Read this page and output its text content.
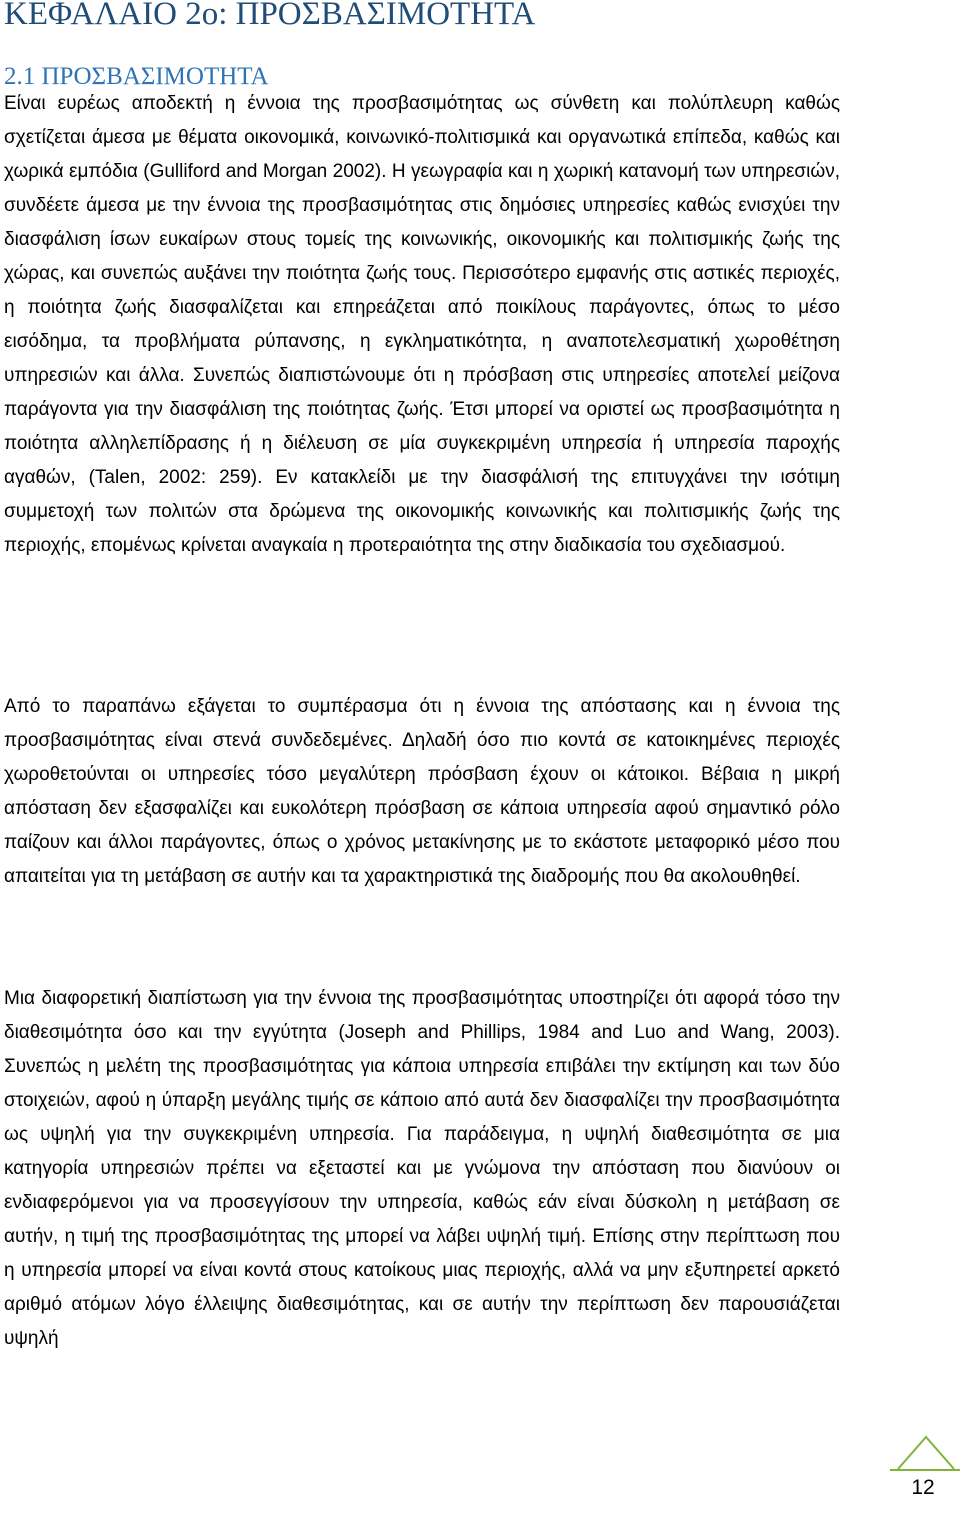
ΚΕΦΑΛΑΙΟ 2ο: ΠΡΟΣΒΑΣΙΜΟΤΗΤΑ
2.1 ΠΡΟΣΒΑΣΙΜΟΤΗΤΑ

Είναι ευρέως αποδεκτή η έννοια της προσβασιμότητας ως σύνθετη και πολύπλευρη καθώς σχετίζεται άμεσα με θέματα οικονομικά, κοινωνικό-πολιτισμικά και οργανωτικά επίπεδα, καθώς και χωρικά εμπόδια (Gulliford and Morgan 2002). Η γεωγραφία και η χωρική κατανομή των υπηρεσιών, συνδέετε άμεσα με την έννοια της προσβασιμότητας στις δημόσιες υπηρεσίες καθώς ενισχύει την διασφάλιση ίσων ευκαίρων στους τομείς της κοινωνικής, οικονομικής και πολιτισμικής ζωής της χώρας, και συνεπώς αυξάνει την ποιότητα ζωής τους. Περισσότερο εμφανής στις αστικές περιοχές, η ποιότητα ζωής διασφαλίζεται και επηρεάζεται από ποικίλους παράγοντες, όπως το μέσο εισόδημα, τα προβλήματα ρύπανσης, η εγκληματικότητα, η αναποτελεσματική χωροθέτηση υπηρεσιών και άλλα. Συνεπώς διαπιστώνουμε ότι η πρόσβαση στις υπηρεσίες αποτελεί μείζονα παράγοντα για την διασφάλιση της ποιότητας ζωής. Έτσι μπορεί να οριστεί ως προσβασιμότητα η ποιότητα αλληλεπίδρασης ή η διέλευση σε μία συγκεκριμένη υπηρεσία ή υπηρεσία παροχής αγαθών, (Talen, 2002: 259). Εν κατακλείδι με την διασφάλισή της επιτυγχάνει την ισότιμη συμμετοχή των πολιτών στα δρώμενα της οικονομικής κοινωνικής και πολιτισμικής ζωής της περιοχής, επομένως κρίνεται αναγκαία η προτεραιότητα της στην διαδικασία του σχεδιασμού.

Από το παραπάνω εξάγεται το συμπέρασμα ότι η έννοια της απόστασης και η έννοια της προσβασιμότητας είναι στενά συνδεδεμένες. Δηλαδή όσο πιο κοντά σε κατοικημένες περιοχές χωροθετούνται οι υπηρεσίες τόσο μεγαλύτερη πρόσβαση έχουν οι κάτοικοι. Βέβαια η μικρή απόσταση δεν εξασφαλίζει και ευκολότερη πρόσβαση σε κάποια υπηρεσία αφού σημαντικό ρόλο παίζουν και άλλοι παράγοντες, όπως ο χρόνος μετακίνησης με το εκάστοτε μεταφορικό μέσο που απαιτείται για τη μετάβαση σε αυτήν και τα χαρακτηριστικά της διαδρομής που θα ακολουθηθεί.

Μια διαφορετική διαπίστωση για την έννοια της προσβασιμότητας υποστηρίζει ότι αφορά τόσο την διαθεσιμότητα όσο και την εγγύτητα (Joseph and Phillips, 1984 and Luo and Wang, 2003). Συνεπώς η μελέτη της προσβασιμότητας για κάποια υπηρεσία επιβάλει την εκτίμηση και των δύο στοιχειών, αφού η ύπαρξη μεγάλης τιμής σε κάποιο από αυτά δεν διασφαλίζει την προσβασιμότητα ως υψηλή για την συγκεκριμένη υπηρεσία. Για παράδειγμα, η υψηλή διαθεσιμότητα σε μια κατηγορία υπηρεσιών πρέπει να εξεταστεί και με γνώμονα την απόσταση που διανύουν οι ενδιαφερόμενοι για να προσεγγίσουν την υπηρεσία, καθώς εάν είναι δύσκολη η μετάβαση σε αυτήν, η τιμή της προσβασιμότητας της μπορεί να λάβει υψηλή τιμή. Επίσης στην περίπτωση που η υπηρεσία μπορεί να είναι κοντά στους κατοίκους μιας περιοχής, αλλά να μην εξυπηρετεί αρκετό αριθμό ατόμων λόγο έλλειψης διαθεσιμότητας, και σε αυτήν την περίπτωση δεν παρουσιάζεται υψηλή

12
